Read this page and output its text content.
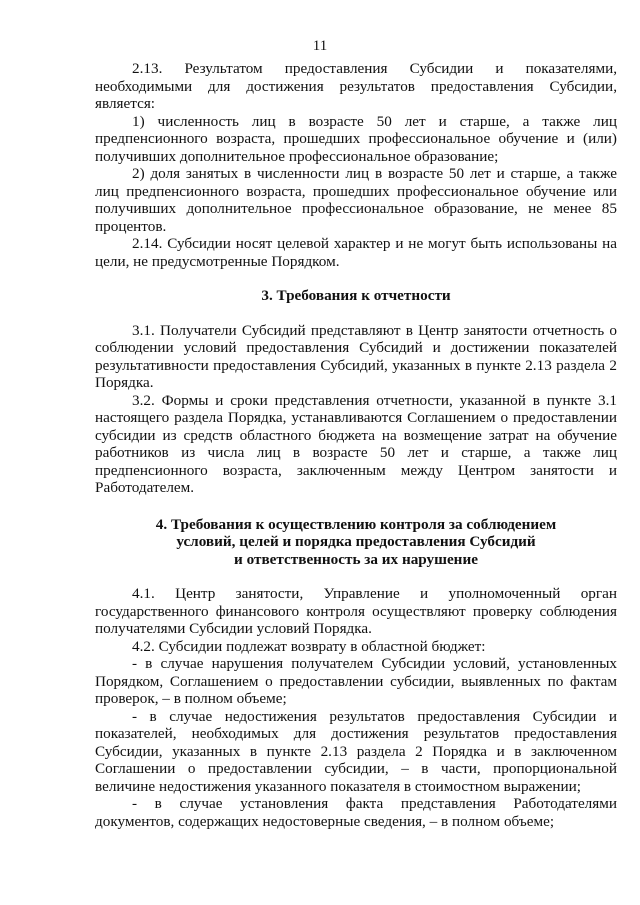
11

2.13. Результатом предоставления Субсидии и показателями, необходимыми для достижения результатов предоставления Субсидии, является:

1) численность лиц в возрасте 50 лет и старше, а также лиц предпенсионного возраста, прошедших профессиональное обучение и (или) получивших дополнительное профессиональное образование;

2) доля занятых в численности лиц в возрасте 50 лет и старше, а также лиц предпенсионного возраста, прошедших профессиональное обучение или получивших дополнительное профессиональное образование, не менее 85 процентов.

2.14. Субсидии носят целевой характер и не могут быть использованы на цели, не предусмотренные Порядком.

3. Требования к отчетности

3.1. Получатели Субсидий представляют в Центр занятости отчетность о соблюдении условий предоставления Субсидий и достижении показателей результативности предоставления Субсидий, указанных в пункте 2.13 раздела 2 Порядка.

3.2. Формы и сроки представления отчетности, указанной в пункте 3.1 настоящего раздела Порядка, устанавливаются Соглашением о предоставлении субсидии из средств областного бюджета на возмещение затрат на обучение работников из числа лиц в возрасте 50 лет и старше, а также лиц предпенсионного возраста, заключенным между Центром занятости и Работодателем.

4. Требования к осуществлению контроля за соблюдением

условий, целей и порядка предоставления Субсидий

и ответственность за их нарушение

4.1. Центр занятости, Управление и уполномоченный орган государственного финансового контроля осуществляют проверку соблюдения получателями Субсидии условий Порядка.

4.2. Субсидии подлежат возврату в областной бюджет:

- в случае нарушения получателем Субсидии условий, установленных Порядком, Соглашением о предоставлении субсидии, выявленных по фактам проверок, – в полном объеме;

- в случае недостижения результатов предоставления Субсидии и показателей, необходимых для достижения результатов предоставления Субсидии, указанных в пункте 2.13 раздела 2 Порядка и в заключенном Соглашении о предоставлении субсидии, – в части, пропорциональной величине недостижения указанного показателя в стоимостном выражении;

- в случае установления факта представления Работодателями документов, содержащих недостоверные сведения, – в полном объеме;
